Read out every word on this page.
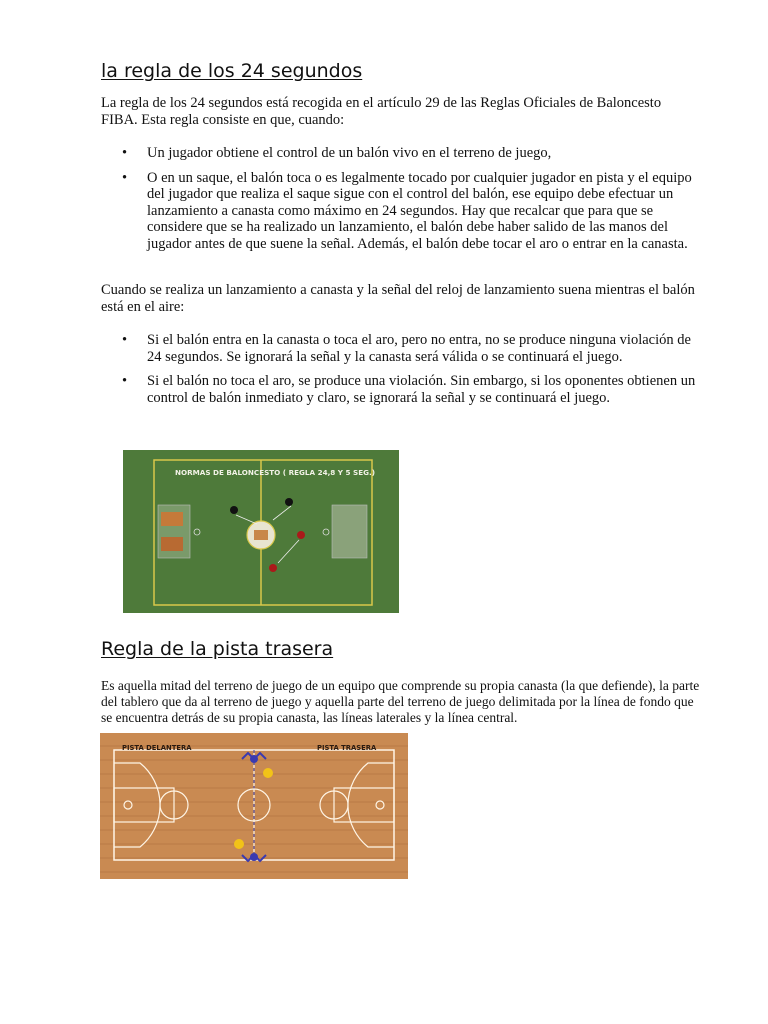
la regla de los 24 segundos

La regla de los 24 segundos está recogida en el artículo 29 de las Reglas Oficiales de Baloncesto FIBA. Esta regla consiste en que, cuando:

• Un jugador obtiene el control de un balón vivo en el terreno de juego,
• O en un saque, el balón toca o es legalmente tocado por cualquier jugador en pista y el equipo del jugador que realiza el saque sigue con el control del balón, ese equipo debe efectuar un lanzamiento a canasta como máximo en 24 segundos. Hay que recalcar que para que se considere que se ha realizado un lanzamiento, el balón debe haber salido de las manos del jugador antes de que suene la señal. Además, el balón debe tocar el aro o entrar en la canasta.

Cuando se realiza un lanzamiento a canasta y la señal del reloj de lanzamiento suena mientras el balón está en el aire:

• Si el balón entra en la canasta o toca el aro, pero no entra, no se produce ninguna violación de 24 segundos. Se ignorará la señal y la canasta será válida o se continuará el juego.
• Si el balón no toca el aro, se produce una violación. Sin embargo, si los oponentes obtienen un control de balón inmediato y claro, se ignorará la señal y se continuará el juego.
NORMAS DE BALONCESTO ( REGLA 24,8 Y 5 SEG.)
Regla de la pista trasera

Es aquella mitad del terreno de juego de un equipo que comprende su propia canasta (la que defiende), la parte del tablero que da al terreno de juego y aquella parte del terreno de juego delimitada por la línea de fondo que se encuentra detrás de su propia canasta, las líneas laterales y la línea central.

PISTA DELANTERA	PISTA TRASERA
